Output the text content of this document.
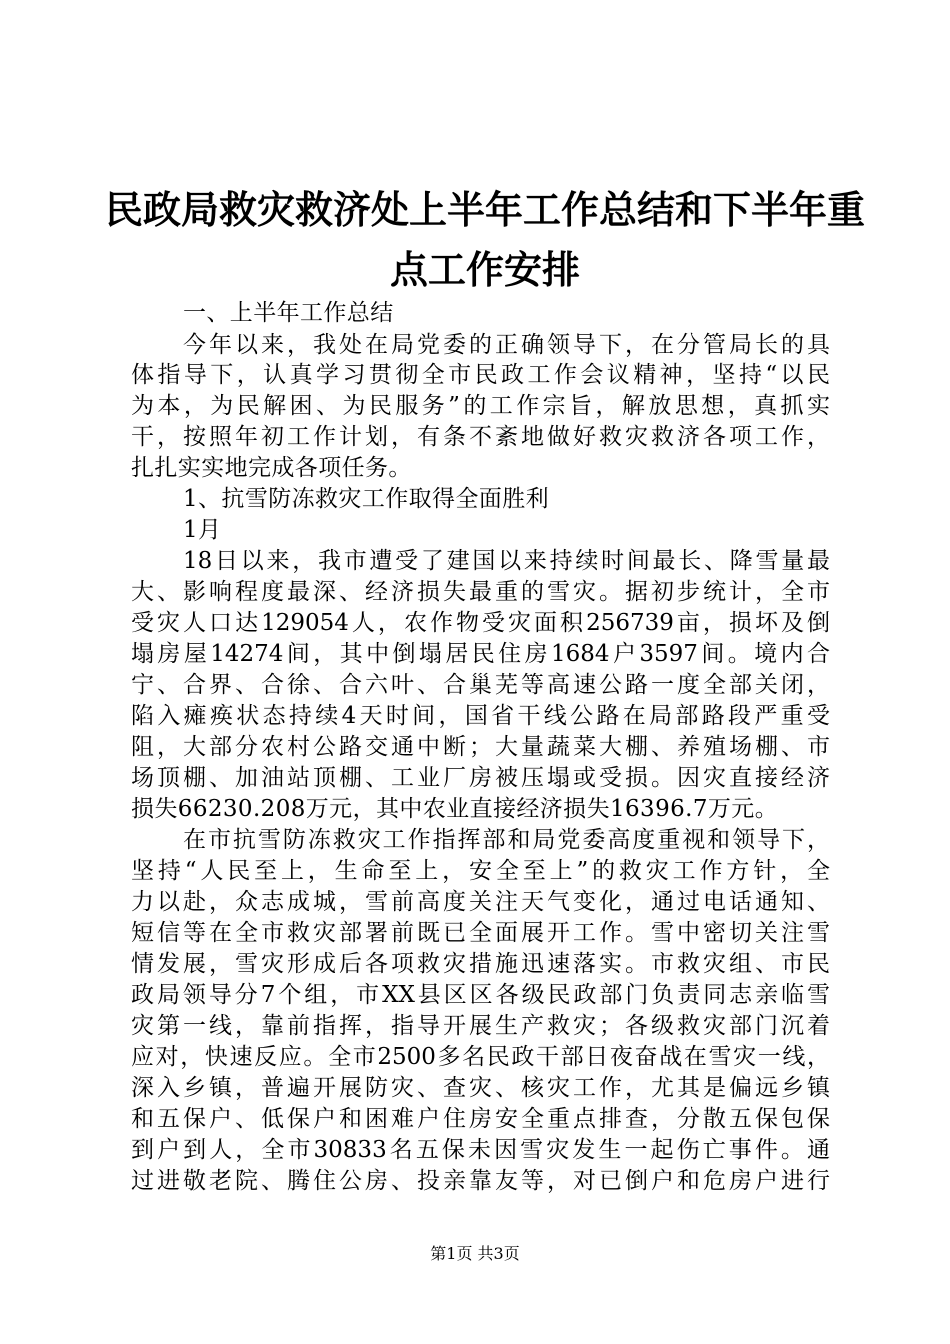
民政局救灾救济处上半年工作总结和下半年重
点工作安排
一、上半年工作总结
今年以来，我处在局党委的正确领导下，在分管局长的具
体指导下，认真学习贯彻全市民政工作会议精神，坚持“以民
为本，为民解困、为民服务”的工作宗旨，解放思想，真抓实
干，按照年初工作计划，有条不紊地做好救灾救济各项工作，
扎扎实实地完成各项任务。
1、抗雪防冻救灾工作取得全面胜利
1月
18日以来，我市遭受了建国以来持续时间最长、降雪量最
大、影响程度最深、经济损失最重的雪灾。据初步统计，全市
受灾人口达129054人，农作物受灾面积256739亩，损坏及倒
塌房屋14274间，其中倒塌居民住房1684户3597间。境内合
宁、合界、合徐、合六叶、合巢芜等高速公路一度全部关闭，
陷入瘫痪状态持续4天时间，国省干线公路在局部路段严重受
阻，大部分农村公路交通中断；大量蔬菜大棚、养殖场棚、市
场顶棚、加油站顶棚、工业厂房被压塌或受损。因灾直接经济
损失66230.208万元，其中农业直接经济损失16396.7万元。
在市抗雪防冻救灾工作指挥部和局党委高度重视和领导下，
坚持“人民至上，生命至上，安全至上”的救灾工作方针，全
力以赴，众志成城，雪前高度关注天气变化，通过电话通知、
短信等在全市救灾部署前既已全面展开工作。雪中密切关注雪
情发展，雪灾形成后各项救灾措施迅速落实。市救灾组、市民
政局领导分7个组，市XX县区区各级民政部门负责同志亲临雪
灾第一线，靠前指挥，指导开展生产救灾；各级救灾部门沉着
应对，快速反应。全市2500多名民政干部日夜奋战在雪灾一线，
深入乡镇，普遍开展防灾、查灾、核灾工作，尤其是偏远乡镇
和五保户、低保户和困难户住房安全重点排查，分散五保包保
到户到人，全市30833名五保未因雪灾发生一起伤亡事件。通
过进敬老院、腾住公房、投亲靠友等，对已倒户和危房户进行
第1页 共3页
